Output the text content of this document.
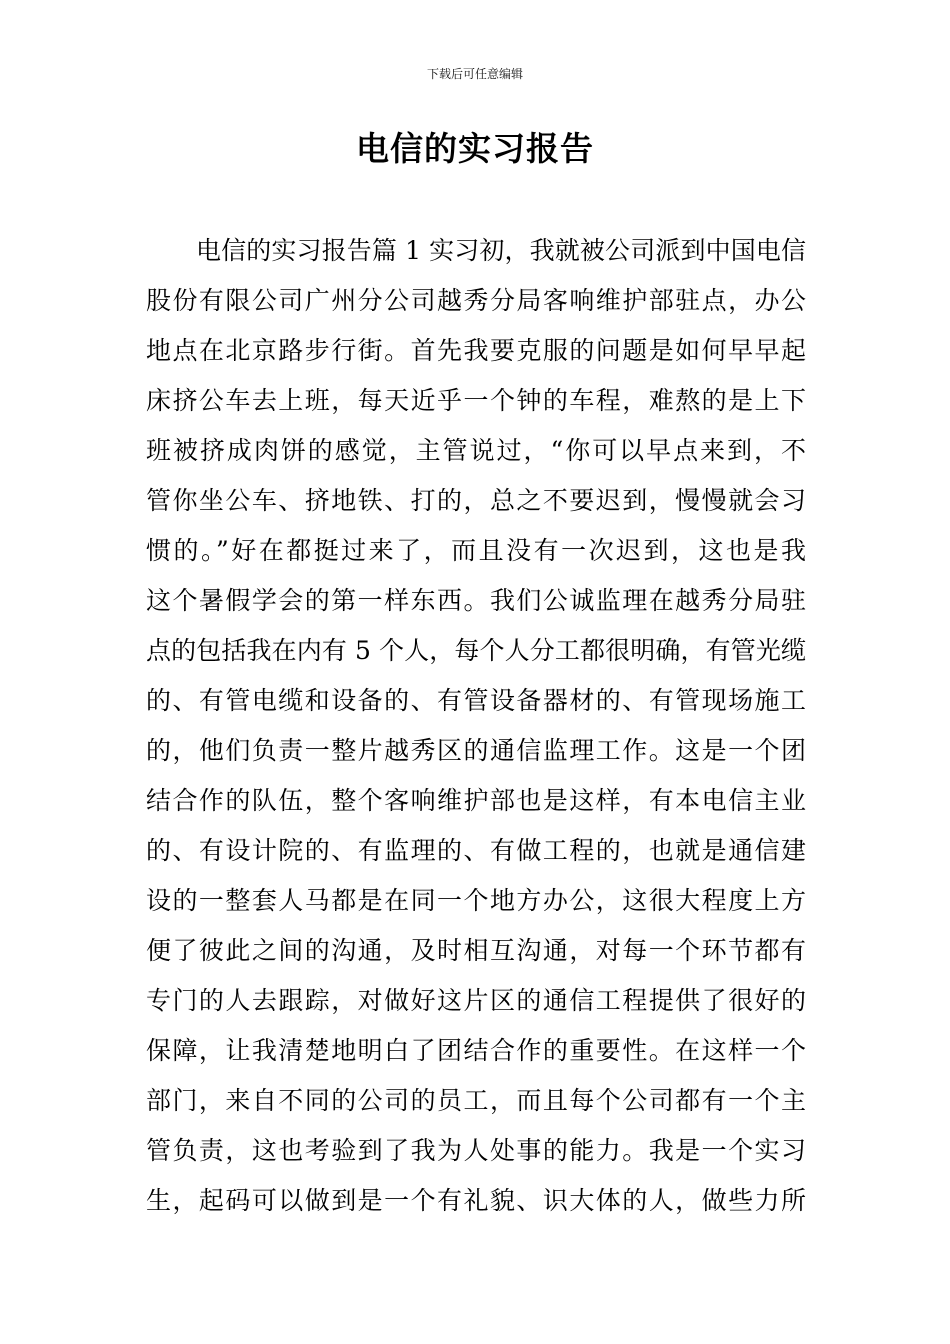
下载后可任意编辑
电信的实习报告
电信的实习报告篇 1 实习初，我就被公司派到中国电信
股份有限公司广州分公司越秀分局客响维护部驻点，办公
地点在北京路步行街。首先我要克服的问题是如何早早起
床挤公车去上班，每天近乎一个钟的车程，难熬的是上下
班被挤成肉饼的感觉，主管说过，“你可以早点来到，不
管你坐公车、挤地铁、打的，总之不要迟到，慢慢就会习
惯的。”好在都挺过来了，而且没有一次迟到，这也是我
这个暑假学会的第一样东西。我们公诚监理在越秀分局驻
点的包括我在内有 5 个人，每个人分工都很明确，有管光缆
的、有管电缆和设备的、有管设备器材的、有管现场施工
的，他们负责一整片越秀区的通信监理工作。这是一个团
结合作的队伍，整个客响维护部也是这样，有本电信主业
的、有设计院的、有监理的、有做工程的，也就是通信建
设的一整套人马都是在同一个地方办公，这很大程度上方
便了彼此之间的沟通，及时相互沟通，对每一个环节都有
专门的人去跟踪，对做好这片区的通信工程提供了很好的
保障，让我清楚地明白了团结合作的重要性。在这样一个
部门，来自不同的公司的员工，而且每个公司都有一个主
管负责，这也考验到了我为人处事的能力。我是一个实习
生，起码可以做到是一个有礼貌、识大体的人，做些力所
